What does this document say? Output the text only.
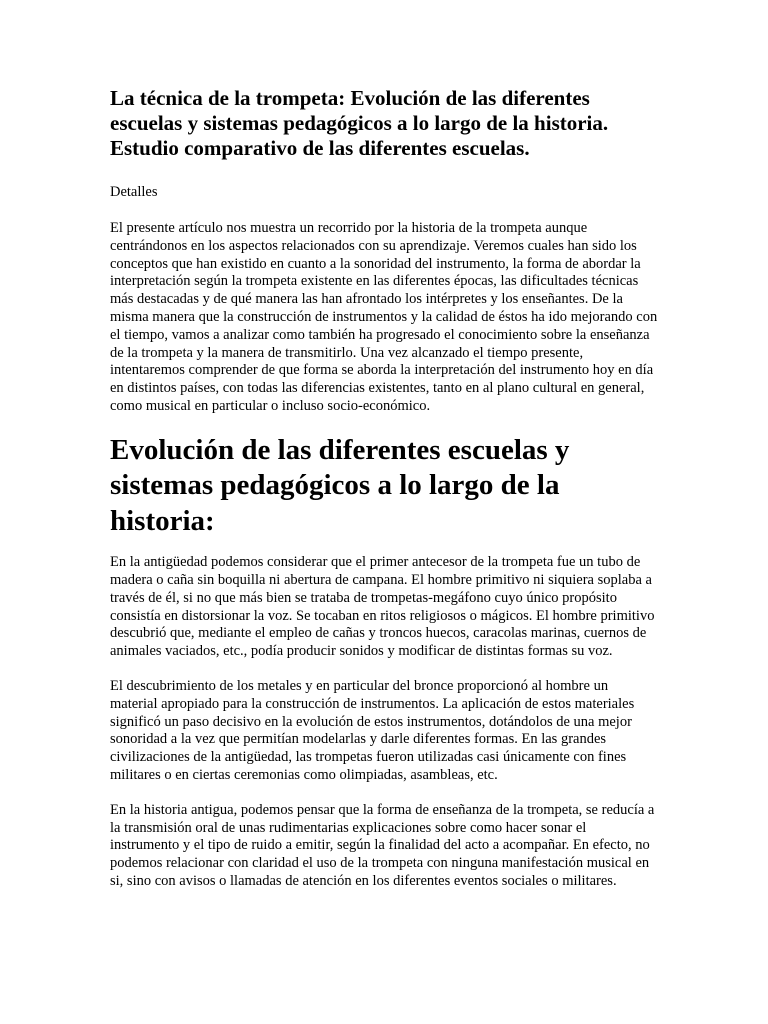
La técnica de la trompeta: Evolución de las diferentes escuelas y sistemas pedagógicos a lo largo de la historia. Estudio comparativo de las diferentes escuelas.

Detalles

El presente artículo nos muestra un recorrido por la historia de la trompeta aunque centrándonos en los aspectos relacionados con su aprendizaje. Veremos cuales han sido los conceptos que han existido en cuanto a la sonoridad del instrumento, la forma de abordar la interpretación según la trompeta existente en las diferentes épocas, las dificultades técnicas más destacadas y de qué manera las han afrontado los intérpretes y los enseñantes. De la misma manera que la construcción de instrumentos y la calidad de éstos ha ido mejorando con el tiempo, vamos a analizar como también ha progresado el conocimiento sobre la enseñanza de la trompeta y la manera de transmitirlo. Una vez alcanzado el tiempo presente, intentaremos comprender de que forma se aborda la interpretación del instrumento hoy en día en distintos países, con todas las diferencias existentes, tanto en al plano cultural en general, como musical en particular o incluso socio-económico.

Evolución de las diferentes escuelas y sistemas pedagógicos a lo largo de la historia:

En la antigüedad podemos considerar que el primer antecesor de la trompeta fue un tubo de madera o caña sin boquilla ni abertura de campana. El hombre primitivo ni siquiera soplaba a través de él, si no que más bien se trataba de trompetas-megáfono cuyo único propósito consistía en distorsionar la voz. Se tocaban en ritos religiosos o mágicos. El hombre primitivo descubrió que, mediante el empleo de cañas y troncos huecos, caracolas marinas, cuernos de animales vaciados, etc., podía producir sonidos y modificar de distintas formas su voz.

El descubrimiento de los metales y en particular del bronce proporcionó al hombre un material apropiado para la construcción de instrumentos. La aplicación de estos materiales significó un paso decisivo en la evolución de estos instrumentos, dotándolos de una mejor sonoridad a la vez que permitían modelarlas y darle diferentes formas. En las grandes civilizaciones de la antigüedad, las trompetas fueron utilizadas casi únicamente con fines militares o en ciertas ceremonias como olimpiadas, asambleas, etc.

En la historia antigua, podemos pensar que la forma de enseñanza de la trompeta, se reducía a la transmisión oral de unas rudimentarias explicaciones sobre como hacer sonar el instrumento y el tipo de ruido a emitir, según la finalidad del acto a acompañar. En efecto, no podemos relacionar con claridad el uso de la trompeta con ninguna manifestación musical en si, sino con avisos o llamadas de atención en los diferentes eventos sociales o militares.
